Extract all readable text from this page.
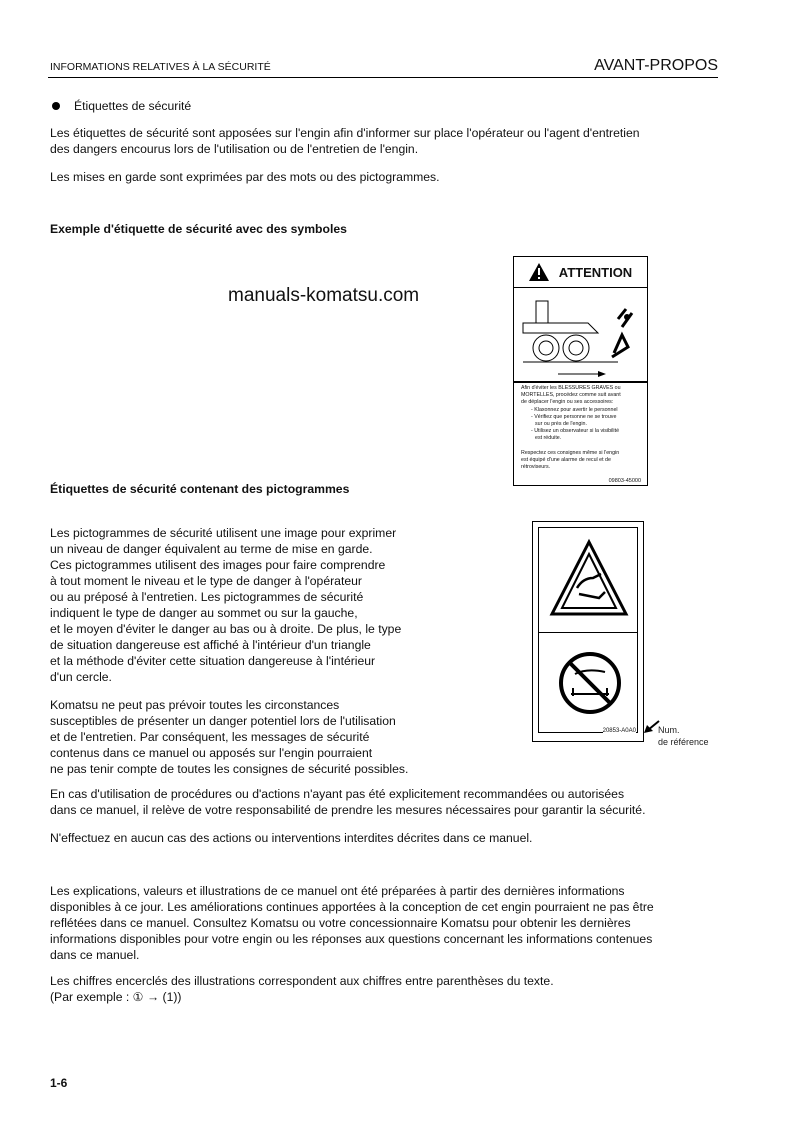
INFORMATIONS RELATIVES À LA SÉCURITÉ	AVANT-PROPOS
Étiquettes de sécurité
Les étiquettes de sécurité sont apposées sur l'engin afin d'informer sur place l'opérateur ou l'agent d'entretien
des dangers encourus lors de l'utilisation ou de l'entretien de l'engin.
Les mises en garde sont exprimées par des mots ou des pictogrammes.
Exemple d'étiquette de sécurité avec des symboles
manuals-komatsu.com
ATTENTION
Afin d'éviter les BLESSURES GRAVES ou
MORTELLES, procédez comme suit avant
de déplacer l'engin ou ses accessoires:
- Klaxonnez pour avertir le personnel
- Vérifiez que personne ne se trouve
sur ou près de l'engin.
- Utilisez un observateur si la visibilité
est réduite.
Respectez ces consignes même si l'engin
est équipé d'une alarme de recul et de
rétroviseurs.
09803-45000
Étiquettes de sécurité contenant des pictogrammes
Les pictogrammes de sécurité utilisent une image pour exprimer
un niveau de danger équivalent au terme de mise en garde.
Ces pictogrammes utilisent des images pour faire comprendre
à tout moment le niveau et le type de danger à l'opérateur
ou au préposé à l'entretien. Les pictogrammes de sécurité
indiquent le type de danger au sommet ou sur la gauche,
et le moyen d'éviter le danger au bas ou à droite. De plus, le type
de situation dangereuse est affiché à l'intérieur d'un triangle
et la méthode d'éviter cette situation dangereuse à l'intérieur
d'un cercle.
Komatsu ne peut pas prévoir toutes les circonstances
susceptibles de présenter un danger potentiel lors de l'utilisation
et de l'entretien. Par conséquent, les messages de sécurité
contenus dans ce manuel ou apposés sur l'engin pourraient
ne pas tenir compte de toutes les consignes de sécurité possibles.
20853-A0A0 Num.
de référence
En cas d'utilisation de procédures ou d'actions n'ayant pas été explicitement recommandées ou autorisées
dans ce manuel, il relève de votre responsabilité de prendre les mesures nécessaires pour garantir la sécurité.
N'effectuez en aucun cas des actions ou interventions interdites décrites dans ce manuel.
Les explications, valeurs et illustrations de ce manuel ont été préparées à partir des dernières informations
disponibles à ce jour. Les améliorations continues apportées à la conception de cet engin pourraient ne pas être
reflétées dans ce manuel. Consultez Komatsu ou votre concessionnaire Komatsu pour obtenir les dernières
informations disponibles pour votre engin ou les réponses aux questions concernant les informations contenues
dans ce manuel.
Les chiffres encerclés des illustrations correspondent aux chiffres entre parenthèses du texte.
(Par exemple : ① → (1))
1-6
